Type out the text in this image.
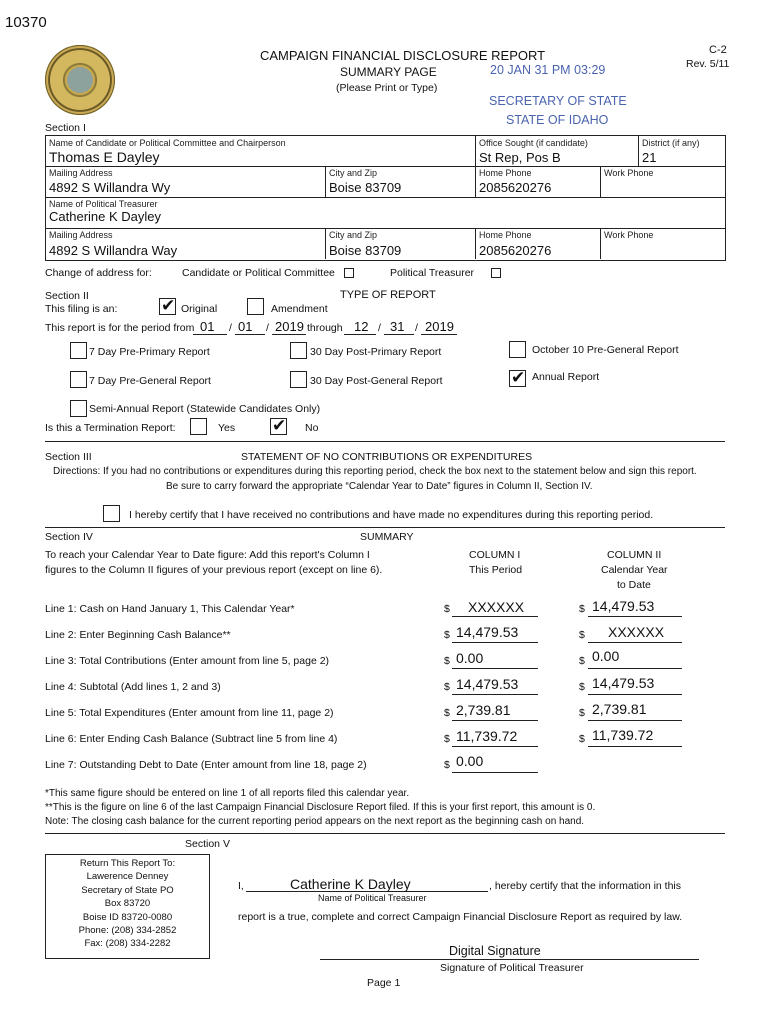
10370
CAMPAIGN FINANCIAL DISCLOSURE REPORT
SUMMARY PAGE
(Please Print or Type)
C-2
Rev. 5/11
20 JAN 31 PM 03:29
SECRETARY OF STATE
STATE OF IDAHO
Section I
Name of Candidate or Political Committee and Chairperson
Thomas E Dayley
Office Sought (if candidate)
St Rep, Pos B
District (if any)
21
Mailing Address
4892 S Willandra Wy
City and Zip
Boise 83709
Home Phone
2085620276
Work Phone
Name of Political Treasurer
Catherine K Dayley
Mailing Address
4892 S Willandra Way
City and Zip
Boise 83709
Home Phone
2085620276
Work Phone
Change of address for:	Candidate or Political Committee	Political Treasurer
Section II	TYPE OF REPORT
This filing is an:	✔ Original	Amendment
This report is for the period from 01 / 01 / 2019 through 12 / 31 / 2019
7 Day Pre-Primary Report	30 Day Post-Primary Report	October 10 Pre-General Report
7 Day Pre-General Report	30 Day Post-General Report	✔ Annual Report
Semi-Annual Report (Statewide Candidates Only)
Is this a Termination Report:	Yes ✔ No
Section III	STATEMENT OF NO CONTRIBUTIONS OR EXPENDITURES
Directions: If you had no contributions or expenditures during this reporting period, check the box next to the statement below and sign this report.
Be sure to carry forward the appropriate “Calendar Year to Date” figures in Column II, Section IV.
I hereby certify that I have received no contributions and have made no expenditures during this reporting period.
Section IV	SUMMARY
To reach your Calendar Year to Date figure: Add this report's Column I
figures to the Column II figures of your previous report (except on line 6).
COLUMN I
This Period
COLUMN II
Calendar Year
to Date
Line 1: Cash on Hand January 1, This Calendar Year*	$ XXXXXX	$ 14,479.53
Line 2: Enter Beginning Cash Balance**	$ 14,479.53	$ XXXXXX
Line 3: Total Contributions (Enter amount from line 5, page 2)	$ 0.00	$ 0.00
Line 4: Subtotal (Add lines 1, 2 and 3)	$ 14,479.53	$ 14,479.53
Line 5: Total Expenditures (Enter amount from line 11, page 2)	$ 2,739.81	$ 2,739.81
Line 6: Enter Ending Cash Balance (Subtract line 5 from line 4)	$ 11,739.72	$ 11,739.72
Line 7: Outstanding Debt to Date (Enter amount from line 18, page 2)	$ 0.00
*This same figure should be entered on line 1 of all reports filed this calendar year.
**This is the figure on line 6 of the last Campaign Financial Disclosure Report filed. If this is your first report, this amount is 0.
Note: The closing cash balance for the current reporting period appears on the next report as the beginning cash on hand.
Section V
Return This Report To:
Lawerence Denney
Secretary of State PO
Box 83720
Boise ID 83720-0080
Phone: (208) 334-2852
Fax: (208) 334-2282
I,	Catherine K Dayley	, hereby certify that the information in this
Name of Political Treasurer
report is a true, complete and correct Campaign Financial Disclosure Report as required by law.
Digital Signature
Signature of Political Treasurer
Page 1
